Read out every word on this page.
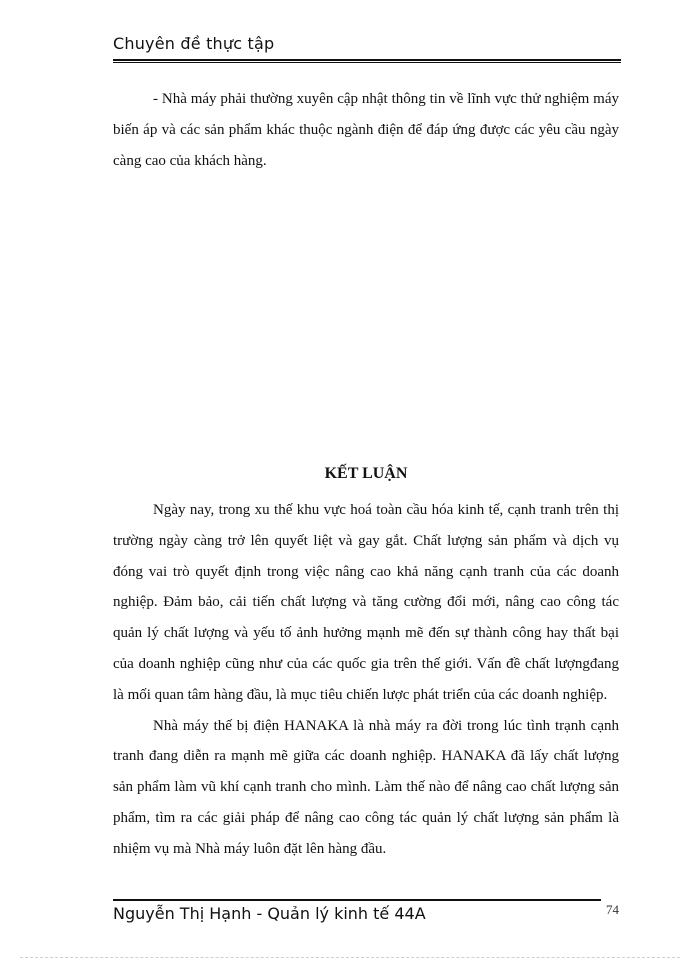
Chuyên đề thực tập

- Nhà máy phải thường xuyên cập nhật thông tin về lĩnh vực thử nghiệm máy biến áp và các sản phẩm khác thuộc ngành điện để đáp ứng được các yêu cầu ngày càng cao của khách hàng.

KẾT LUẬN

Ngày nay, trong xu thế khu vực hoá toàn cầu hóa kinh tế, cạnh tranh trên thị trường ngày càng trở lên quyết liệt và gay gắt. Chất lượng sản phẩm và dịch vụ đóng vai trò quyết định trong việc nâng cao khả năng cạnh tranh của các doanh nghiệp. Đảm bảo, cải tiến chất lượng và tăng cường đổi mới, nâng cao công tác quản lý chất lượng và yếu tố ảnh hưởng mạnh mẽ đến sự thành công hay thất bại của doanh nghiệp cũng như của các quốc gia trên thế giới. Vấn đề chất lượngđang là mối quan tâm hàng đầu, là mục tiêu chiến lược phát triển của các doanh nghiệp.

Nhà máy thế bị điện HANAKA là nhà máy ra đời trong lúc tình trạnh cạnh tranh đang diễn ra mạnh mẽ giữa các doanh nghiệp. HANAKA đã lấy chất lượng sản phẩm làm vũ khí cạnh tranh cho mình. Làm thế nào để nâng cao chất lượng sản phẩm, tìm ra các giải pháp để nâng cao công tác quản lý chất lượng sản phẩm là nhiệm vụ mà Nhà máy luôn đặt lên hàng đầu.

Nguyễn Thị Hạnh - Quản lý kinh tế 44A	74
